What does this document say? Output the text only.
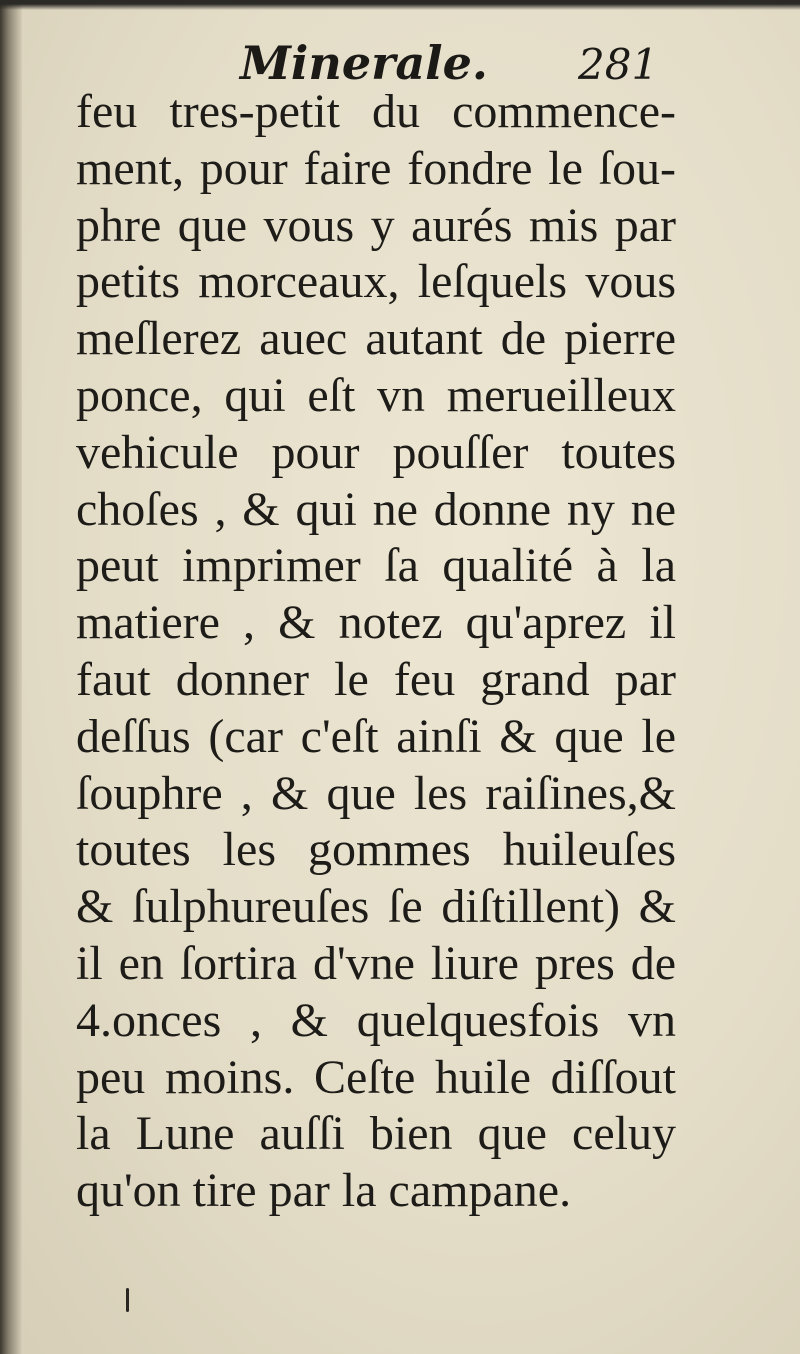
Minerale. 281
feu tres-petit du commence-
ment, pour faire fondre le ſou-
phre que vous y aurés mis par
petits morceaux, leſquels vous
meſlerez auec autant de pierre
ponce, qui eſt vn merueilleux
vehicule pour pouſſer toutes
choſes , & qui ne donne ny ne
peut imprimer ſa qualité à la
matiere , & notez qu'aprez il
faut donner le feu grand par
deſſus (car c'eſt ainſi & que le
ſouphre , & que les raiſines,&
toutes les gommes huileuſes
& ſulphureuſes ſe diſtillent) &
il en ſortira d'vne liure pres de
4.onces , & quelquesfois vn
peu moins. Ceſte huile diſſout
la Lune auſſi bien que celuy
qu'on tire par la campane.
